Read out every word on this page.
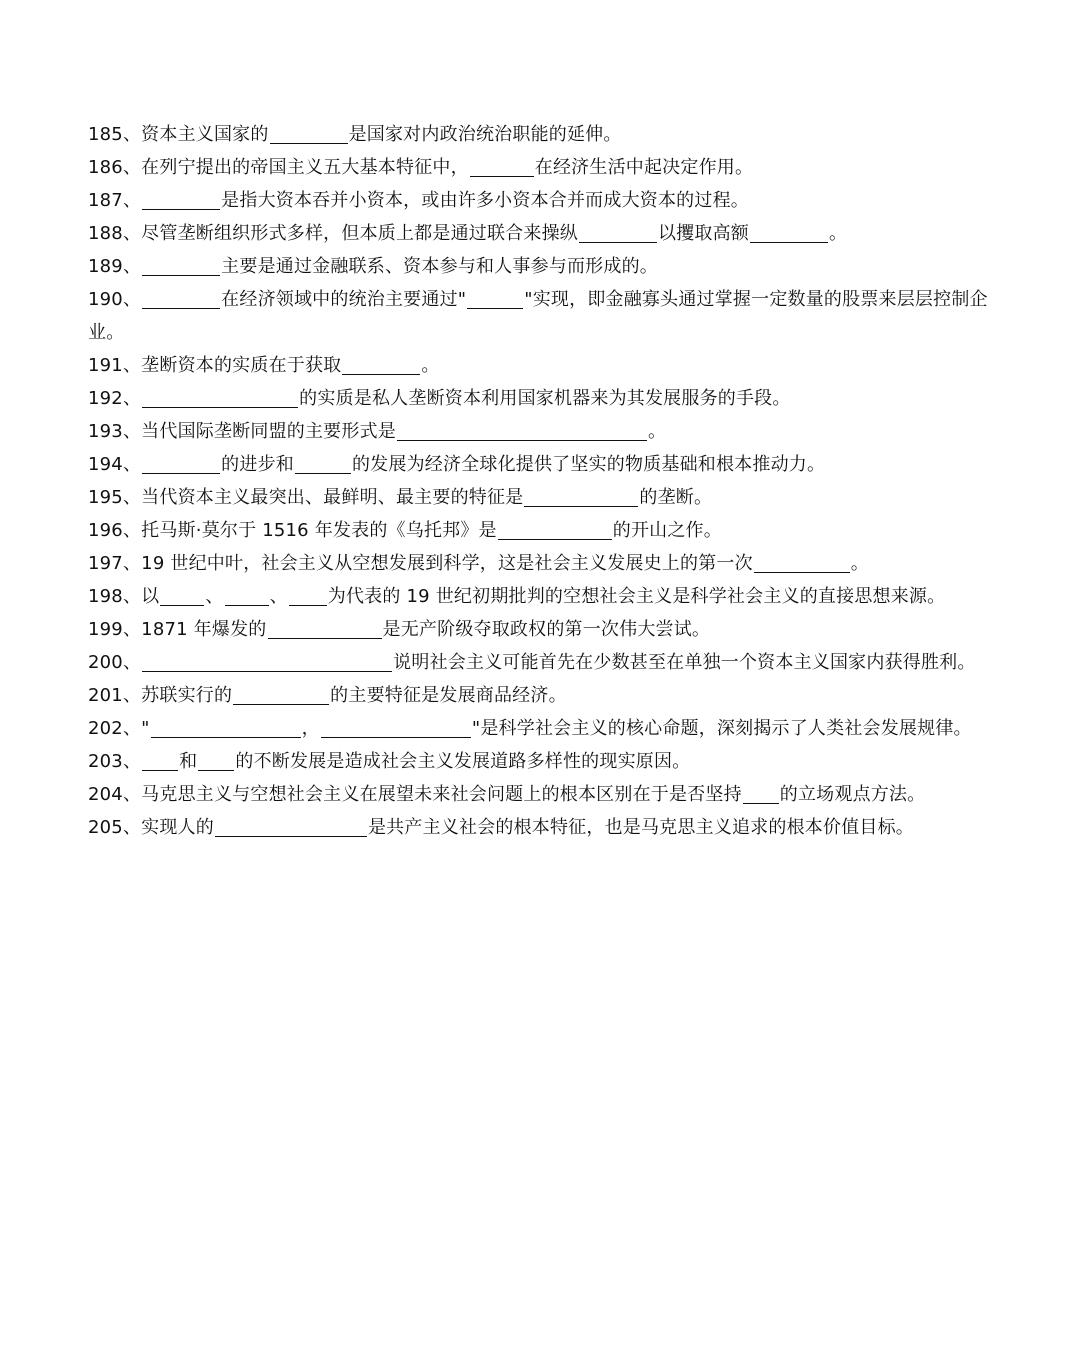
185、资本主义国家的	是国家对内政治统治职能的延伸。
186、在列宁提出的帝国主义五大基本特征中，	在经济生活中起决定作用。
187、	是指大资本吞并小资本，或由许多小资本合并而成大资本的过程。
188、尽管垄断组织形式多样，但本质上都是通过联合来操纵	以攫取高额	。
189、	主要是通过金融联系、资本参与和人事参与而形成的。
190、	在经济领域中的统治主要通过"	"实现，即金融寡头通过掌握一定数量的股票来层层控制企业。
191、垄断资本的实质在于获取	。
192、	的实质是私人垄断资本利用国家机器来为其发展服务的手段。
193、当代国际垄断同盟的主要形式是	。
194、	的进步和	的发展为经济全球化提供了坚实的物质基础和根本推动力。
195、当代资本主义最突出、最鲜明、最主要的特征是	的垄断。
196、托马斯·莫尔于 1516 年发表的《乌托邦》是	的开山之作。
197、19 世纪中叶，社会主义从空想发展到科学，这是社会主义发展史上的第一次	。
198、以	、	、 为代表的 19 世纪初期批判的空想社会主义是科学社会主义的直接思想来源。
199、1871 年爆发的	是无产阶级夺取政权的第一次伟大尝试。
200、	说明社会主义可能首先在少数甚至在单独一个资本主义国家内获得胜利。
201、苏联实行的	的主要特征是发展商品经济。
202、"	，	"是科学社会主义的核心命题，深刻揭示了人类社会发展规律。
203、 和 的不断发展是造成社会主义发展道路多样性的现实原因。
204、马克思主义与空想社会主义在展望未来社会问题上的根本区别在于是否坚持 的立场观点方法。
205、实现人的	是共产主义社会的根本特征，也是马克思主义追求的根本价值目标。
